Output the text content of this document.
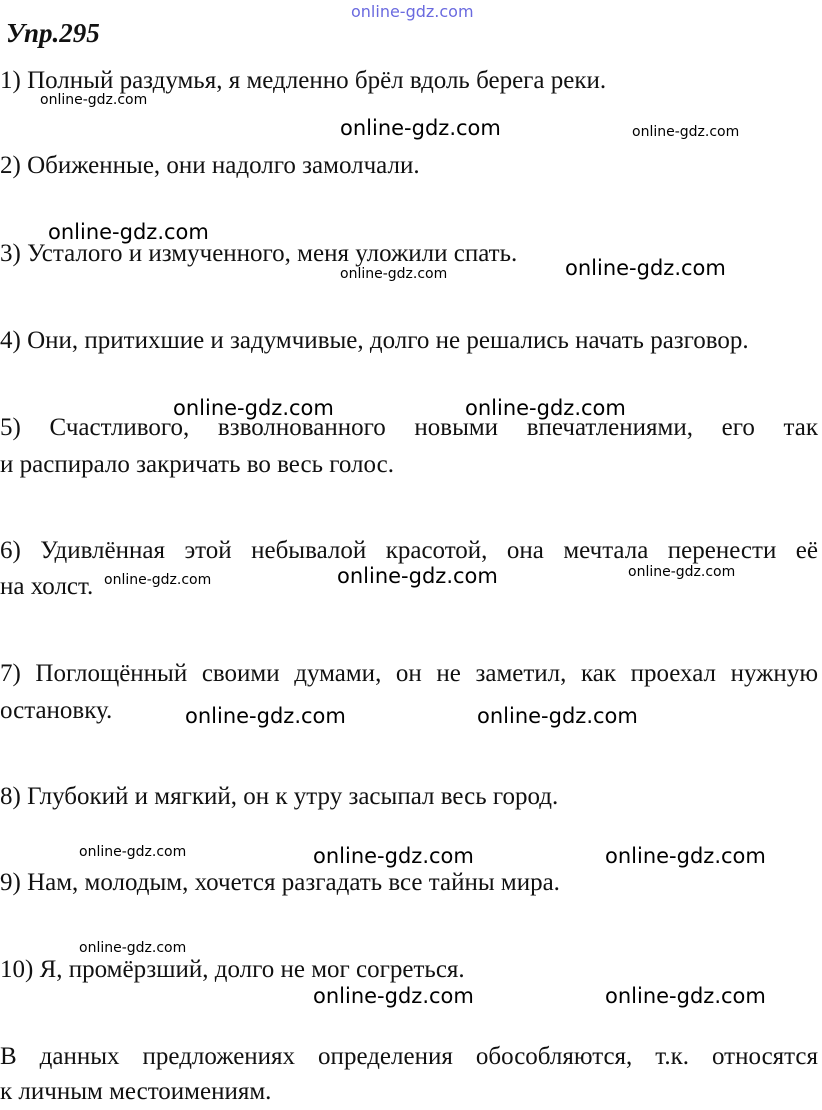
online-gdz.com
Упр.295
1) Полный раздумья, я медленно брёл вдоль берега реки.
2) Обиженные, они надолго замолчали.
3) Усталого и измученного, меня уложили спать.
4) Они, притихшие и задумчивые, долго не решались начать разговор.
5) Счастливого, взволнованного новыми впечатлениями, его так
и распирало закричать во весь голос.
6) Удивлённая этой небывалой красотой, она мечтала перенести её
на холст.
7) Поглощённый своими думами, он не заметил, как проехал нужную
остановку.
8) Глубокий и мягкий, он к утру засыпал весь город.
9) Нам, молодым, хочется разгадать все тайны мира.
10) Я, промёрзший, долго не мог согреться.
В данных предложениях определения обособляются, т.к. относятся
к личным местоимениям.
online-gdz.com
online-gdz.com	online-gdz.com
online-gdz.com
online-gdz.com	online-gdz.com
online-gdz.com	online-gdz.com
online-gdz.com	online-gdz.com	online-gdz.com
online-gdz.com	online-gdz.com
online-gdz.com	online-gdz.com	online-gdz.com
online-gdz.com
online-gdz.com	online-gdz.com
